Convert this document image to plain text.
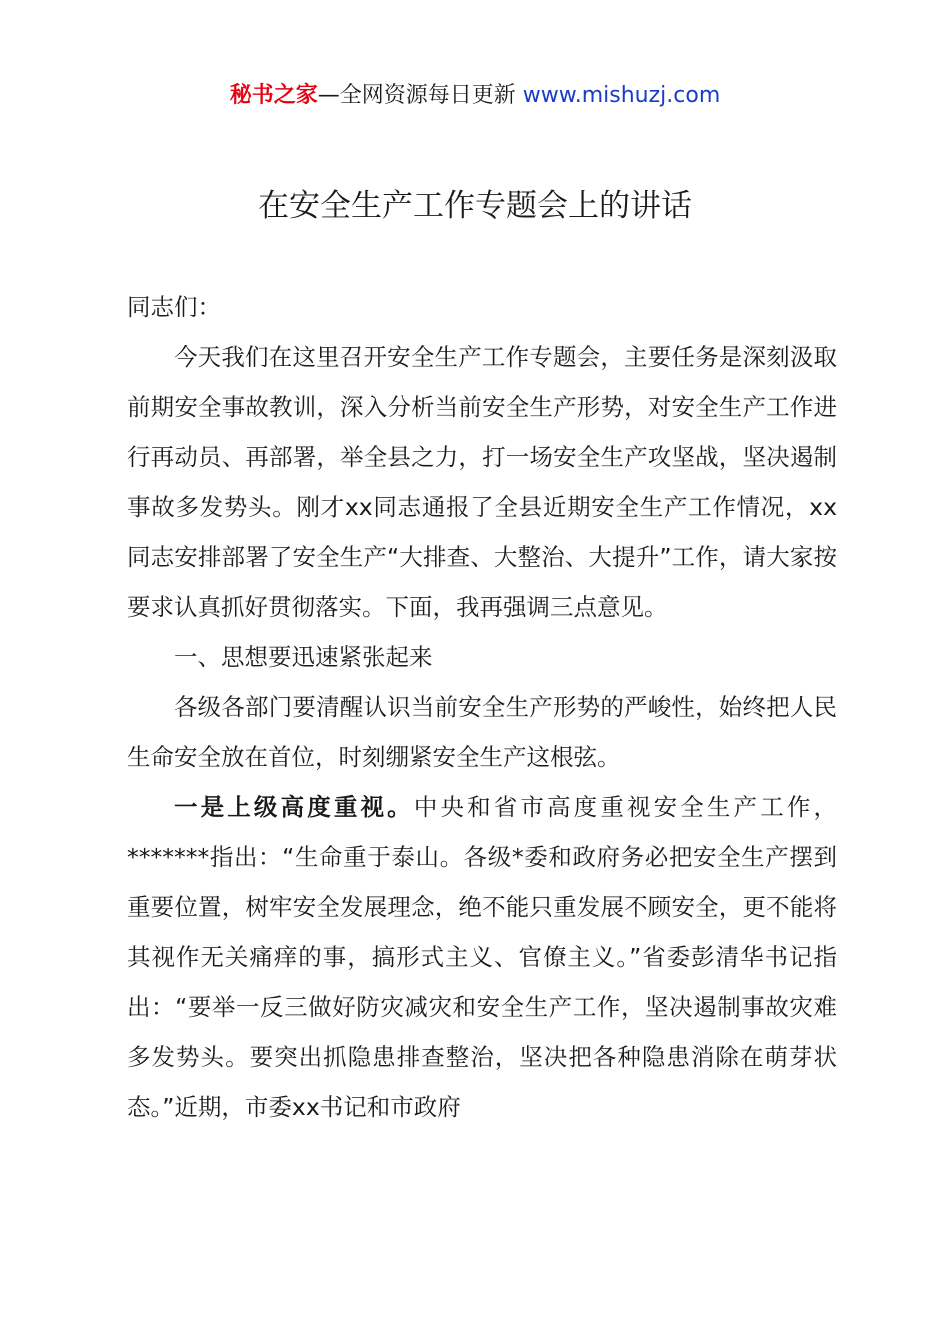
秘书之家—全网资源每日更新 www.mishuzj.com
在安全生产工作专题会上的讲话

同志们：

今天我们在这里召开安全生产工作专题会，主要任务是深刻汲取前期安全事故教训，深入分析当前安全生产形势，对安全生产工作进行再动员、再部署，举全县之力，打一场安全生产攻坚战，坚决遏制事故多发势头。刚才xx同志通报了全县近期安全生产工作情况，xx同志安排部署了安全生产“大排查、大整治、大提升”工作，请大家按要求认真抓好贯彻落实。下面，我再强调三点意见。

一、思想要迅速紧张起来

各级各部门要清醒认识当前安全生产形势的严峻性，始终把人民生命安全放在首位，时刻绷紧安全生产这根弦。

一是上级高度重视。中央和省市高度重视安全生产工作，*******指出：“生命重于泰山。各级*委和政府务必把安全生产摆到重要位置，树牢安全发展理念，绝不能只重发展不顾安全，更不能将其视作无关痛痒的事，搞形式主义、官僚主义。”省委彭清华书记指出：“要举一反三做好防灾减灾和安全生产工作，坚决遏制事故灾难多发势头。要突出抓隐患排查整治，坚决把各种隐患消除在萌芽状态。”近期，市委xx书记和市政府
